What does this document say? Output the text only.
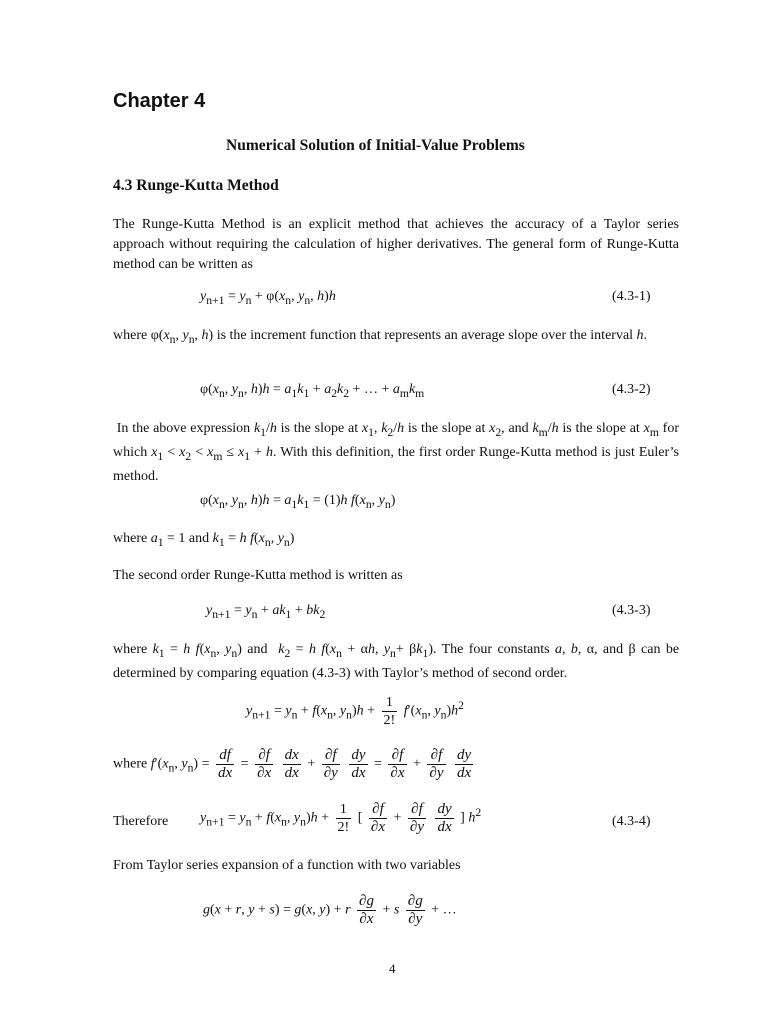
Chapter 4
Numerical Solution of Initial-Value Problems
4.3 Runge-Kutta Method
The Runge-Kutta Method is an explicit method that achieves the accuracy of a Taylor series approach without requiring the calculation of higher derivatives. The general form of Runge-Kutta method can be written as
$y_{n+1} = y_n + \varphi(x_n$, $y_n$, h)h	(4.3-1)
where $\varphi(x_n$, $y_n$, h) is the increment function that represents an average slope over the interval h.
$\varphi(x_n$, $y_n$, $h)h = a_1k_1 + a_2k_2$ + … + $a_mk_m$	(4.3-2)
In the above expression $k_1/h$ is the slope at $x_1$, $k_2/h$ is the slope at $x_2$, and $k_m/h$ is the slope at $x_m$ for which $x_1 < x_2 < x_m \le x_1 + h$. With this definition, the first order Runge-Kutta method is just Euler’s method.
$\varphi(x_n$, $y_n$, $h)h = a_1k_1 = (1)h$ $f(x_n$, $y_n$)
where $a_1 = 1$ and $k_1 = h$ $f(x_n$, $y_n$)
The second order Runge-Kutta method is written as
$y_{n+1} = y_n + ak_1 + bk_2$	(4.3-3)
where $k_1 = h$ $f(x_n$, $y_n$) and  $k_2 = h$ $f(x_n + \alpha h$, $y_n+ \beta k_1$). The four constants a, b, α, and β can be determined by comparing equation (4.3-3) with Taylor’s method of second order.
$y_{n+1} = y_n + f(x_n$, $y_n)h + \frac{1}{2!} f'(x_n$, $y_n)h^2$
where $f'(x_n$, $y_n) = \frac{df}{dx} = \frac{\partial f}{\partial x}$
$\frac{dx}{dx} + \frac{\partial f}{\partial y}$
$\frac{dy}{dx} = \frac{\partial f}{\partial x} + \frac{\partial f}{\partial y}$
$\frac{dy}{dx}$
Therefore $y_{n+1} = y_n + f(x_n$, $y_n)h + \frac{1}{2!}$ [ $\frac{\partial f}{\partial x} + \frac{\partial f}{\partial y}$
$\frac{dy}{dx}$ ] $h^2$
(4.3-4)
From Taylor series expansion of a function with two variables
g(x + r, y + s) = g(x, y) + r $\frac{\partial g}{\partial x} + s \frac{\partial g}{\partial y}$ + …
4
